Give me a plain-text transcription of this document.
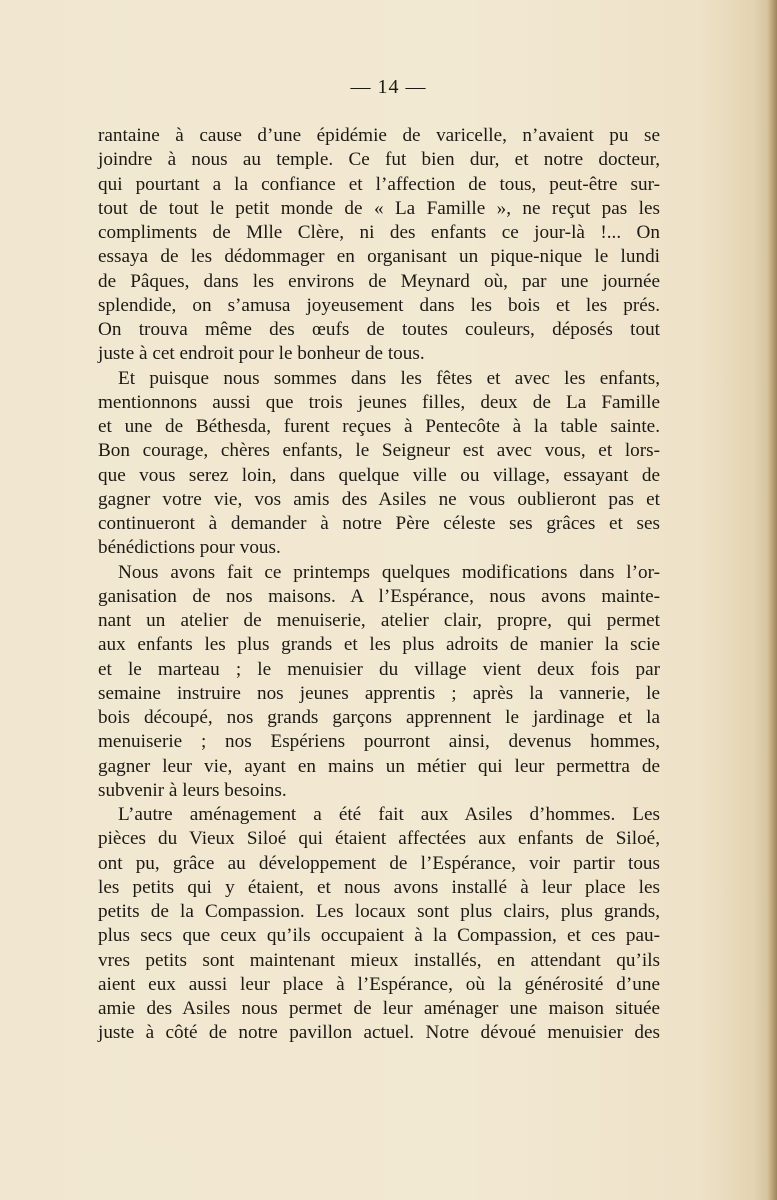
— 14 —
rantaine à cause d’une épidémie de varicelle, n’avaient pu se
joindre à nous au temple. Ce fut bien dur, et notre docteur,
qui pourtant a la confiance et l’affection de tous, peut-être sur-
tout de tout le petit monde de « La Famille », ne reçut pas les
compliments de Mlle Clère, ni des enfants ce jour-là !... On
essaya de les dédommager en organisant un pique-nique le lundi
de Pâques, dans les environs de Meynard où, par une journée
splendide, on s’amusa joyeusement dans les bois et les prés.
On trouva même des œufs de toutes couleurs, déposés tout
juste à cet endroit pour le bonheur de tous.
Et puisque nous sommes dans les fêtes et avec les enfants,
mentionnons aussi que trois jeunes filles, deux de La Famille
et une de Béthesda, furent reçues à Pentecôte à la table sainte.
Bon courage, chères enfants, le Seigneur est avec vous, et lors-
que vous serez loin, dans quelque ville ou village, essayant de
gagner votre vie, vos amis des Asiles ne vous oublieront pas et
continueront à demander à notre Père céleste ses grâces et ses
bénédictions pour vous.
Nous avons fait ce printemps quelques modifications dans l’or-
ganisation de nos maisons. A l’Espérance, nous avons mainte-
nant un atelier de menuiserie, atelier clair, propre, qui permet
aux enfants les plus grands et les plus adroits de manier la scie
et le marteau ; le menuisier du village vient deux fois par
semaine instruire nos jeunes apprentis ; après la vannerie, le
bois découpé, nos grands garçons apprennent le jardinage et la
menuiserie ; nos Espériens pourront ainsi, devenus hommes,
gagner leur vie, ayant en mains un métier qui leur permettra de
subvenir à leurs besoins.
L’autre aménagement a été fait aux Asiles d’hommes. Les
pièces du Vieux Siloé qui étaient affectées aux enfants de Siloé,
ont pu, grâce au développement de l’Espérance, voir partir tous
les petits qui y étaient, et nous avons installé à leur place les
petits de la Compassion. Les locaux sont plus clairs, plus grands,
plus secs que ceux qu’ils occupaient à la Compassion, et ces pau-
vres petits sont maintenant mieux installés, en attendant qu’ils
aient eux aussi leur place à l’Espérance, où la générosité d’une
amie des Asiles nous permet de leur aménager une maison située
juste à côté de notre pavillon actuel. Notre dévoué menuisier des
